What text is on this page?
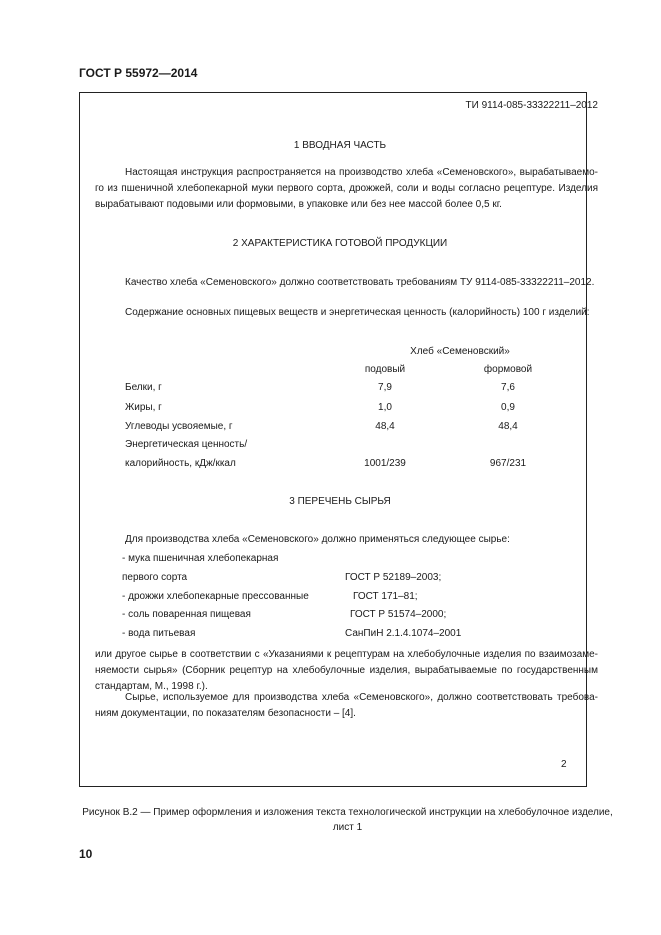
ГОСТ Р 55972—2014
ТИ 9114-085-33322211–2012
1 ВВОДНАЯ ЧАСТЬ
Настоящая инструкция распространяется на производство хлеба «Семеновского», вырабатываемо-го из пшеничной хлебопекарной муки первого сорта, дрожжей, соли и воды согласно рецептуре. Изделия вырабатывают подовыми или формовыми, в упаковке или без нее массой более 0,5 кг.
2 ХАРАКТЕРИСТИКА ГОТОВОЙ ПРОДУКЦИИ
Качество хлеба «Семеновского» должно соответствовать требованиям ТУ 9114-085-33322211–2012.
Содержание основных пищевых веществ и энергетическая ценность (калорийность) 100 г изделий:
Хлеб «Семеновский»
подовый	формовой
Белки, г	7,9	7,6
Жиры, г	1,0	0,9
Углеводы усвояемые, г	48,4	48,4
Энергетическая ценность/
калорийность, кДж/ккал	1001/239	967/231
3 ПЕРЕЧЕНЬ СЫРЬЯ
Для производства хлеба «Семеновского» должно применяться следующее сырье:
- мука пшеничная хлебопекарная
первого сорта	ГОСТ Р 52189–2003;
- дрожжи хлебопекарные прессованные	ГОСТ 171–81;
- соль поваренная пищевая	ГОСТ Р 51574–2000;
- вода питьевая	СанПиН 2.1.4.1074–2001
или другое сырье в соответствии с «Указаниями к рецептурам на хлебобулочные изделия по взаимозаме-няемости сырья» (Сборник рецептур на хлебобулочные изделия, вырабатываемые по государственным стандартам, М., 1998 г.).
Сырье, используемое для производства хлеба «Семеновского», должно соответствовать требова-ниям документации, по показателям безопасности – [4].
2
Рисунок В.2 — Пример оформления и изложения текста технологической инструкции на хлебобулочное изделие, лист 1
10
